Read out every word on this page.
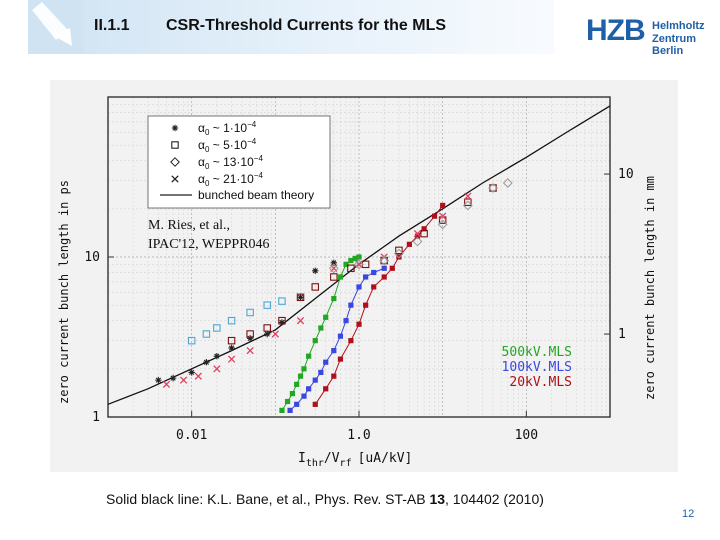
II.1.1 CSR-Threshold Currents for the MLS	HZB Helmholtz
Zentrum Berlin
0.01	1.0	100
1
10
1
10
$\alpha_0$ ~ $1\cdot 10^{-4}$
$\alpha_0$ ~ $5\cdot 10^{-4}$
$\alpha_0$ ~ $13\cdot 10^{-4}$
$\alpha_0$ ~ $21\cdot 10^{-4}$
bunched beam theory
M. Ries, et al.,
IPAC'12, WEPPR046
500kV.MLS
100kV.MLS
20kV.MLS
zero current bunch length in ps	zero current bunch length in mm
$I_{thr}/V_{rf}$ [uA/kV]
Solid black line: K.L. Bane, et al., Phys. Rev. ST-AB 13, 104402 (2010)
12
